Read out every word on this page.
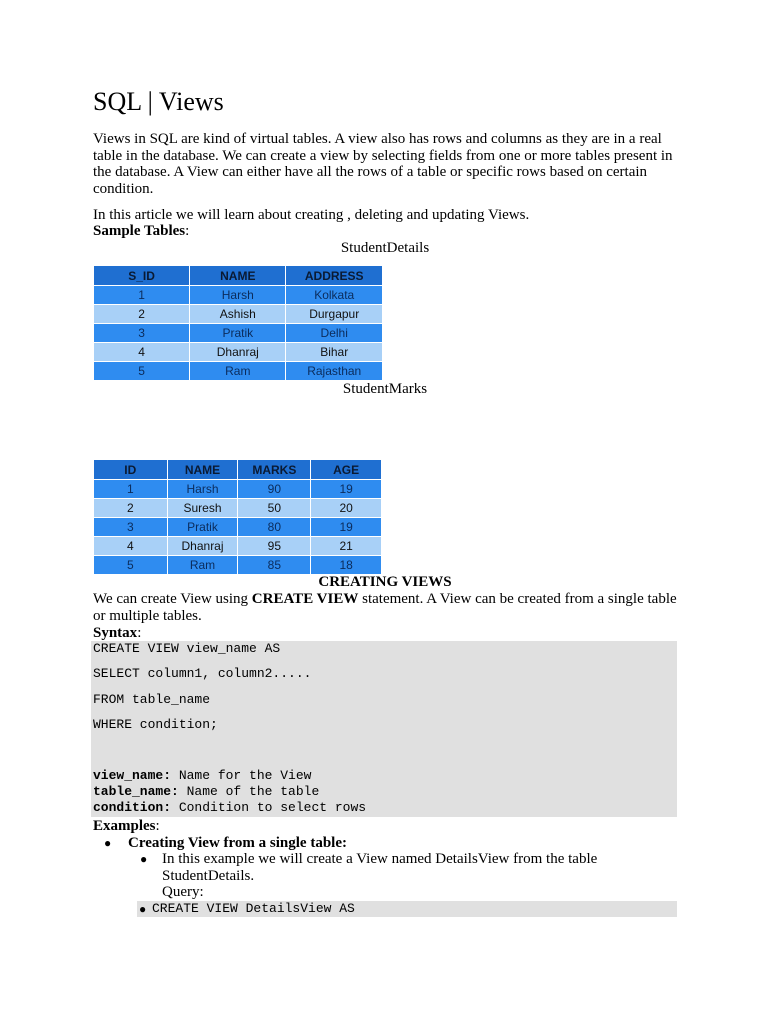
SQL | Views

Views in SQL are kind of virtual tables. A view also has rows and columns as they are in a real table in the database. We can create a view by selecting fields from one or more tables present in the database. A View can either have all the rows of a table or specific rows based on certain condition.

In this article we will learn about creating , deleting and updating Views.

Sample Tables:

StudentDetails
S_ID	NAME	ADDRESS
1	Harsh	Kolkata
2	Ashish	Durgapur
3	Pratik	Delhi
4	Dhanraj	Bihar
5	Ram	Rajasthan
StudentMarks
ID	NAME	MARKS	AGE
1	Harsh	90	19
2	Suresh	50	20
3	Pratik	80	19
4	Dhanraj	95	21
5	Ram	85	18
CREATING VIEWS

We can create View using CREATE VIEW statement. A View can be created from a single table or multiple tables.

Syntax:
CREATE VIEW view_name AS
SELECT column1, column2.....
FROM table_name
WHERE condition;
view_name: Name for the View
table_name: Name of the table
condition: Condition to select rows
Examples:
● Creating View from a single table:
● In this example we will create a View named DetailsView from the table StudentDetails.
Query:
● CREATE VIEW DetailsView AS
